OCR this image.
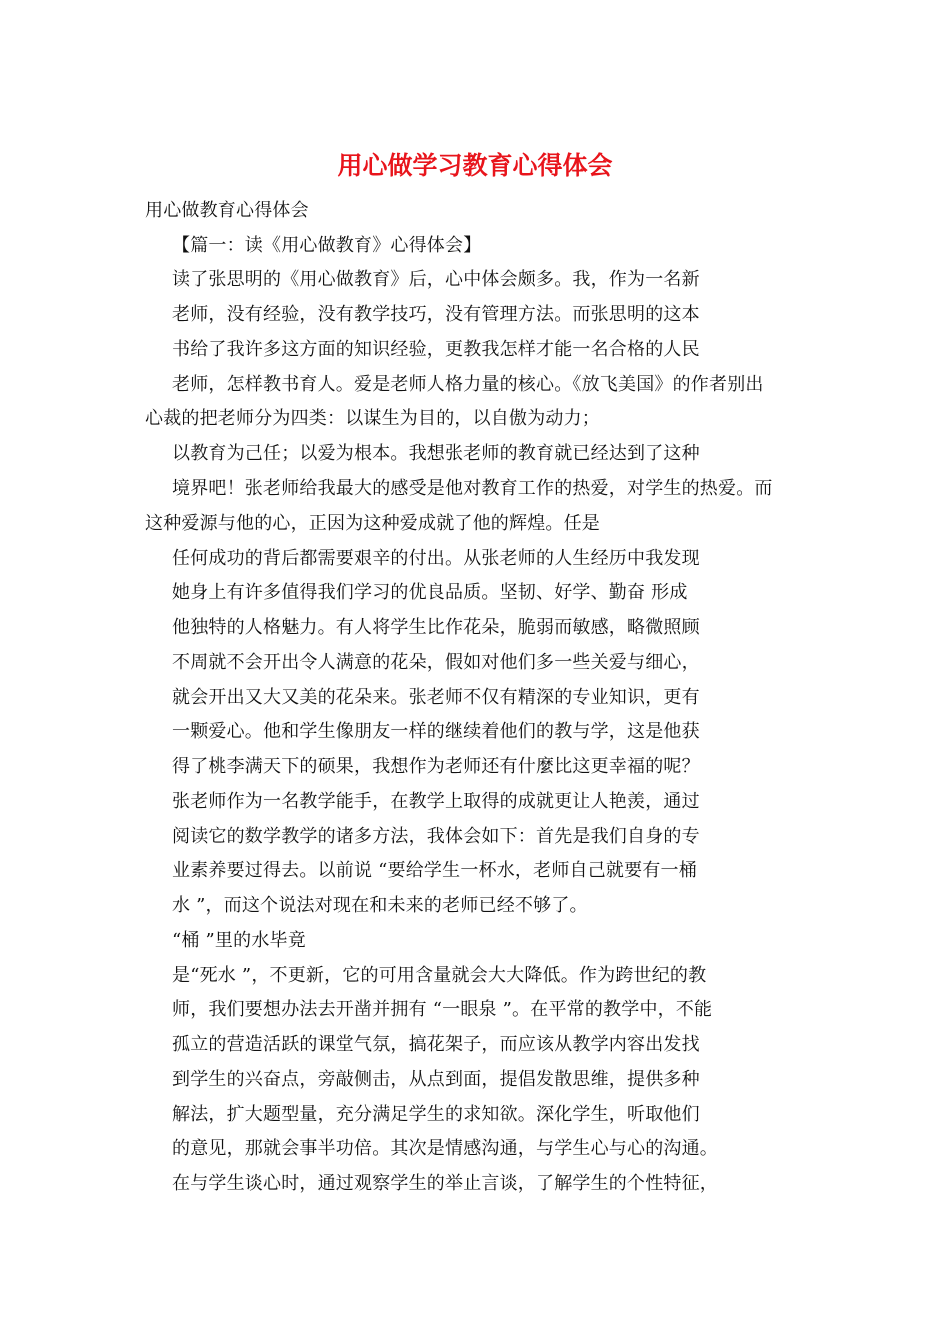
用心做学习教育心得体会
用心做教育心得体会
【篇一：读《用心做教育》心得体会】
读了张思明的《用心做教育》后，心中体会颇多。我，作为一名新
老师，没有经验，没有教学技巧，没有管理方法。而张思明的这本
书给了我许多这方面的知识经验，更教我怎样才能一名合格的人民
老师，怎样教书育人。爱是老师人格力量的核心。《放飞美国》的作者别出
心裁的把老师分为四类：以谋生为目的，以自傲为动力；
以教育为己任；以爱为根本。我想张老师的教育就已经达到了这种
境界吧！张老师给我最大的感受是他对教育工作的热爱，对学生的热爱。而
这种爱源与他的心，正因为这种爱成就了他的辉煌。任是
任何成功的背后都需要艰辛的付出。从张老师的人生经历中我发现
她身上有许多值得我们学习的优良品质。坚韧、好学、勤奋 形成
他独特的人格魅力。有人将学生比作花朵，脆弱而敏感，略微照顾
不周就不会开出令人满意的花朵，假如对他们多一些关爱与细心，
就会开出又大又美的花朵来。张老师不仅有精深的专业知识，更有
一颗爱心。他和学生像朋友一样的继续着他们的教与学，这是他获
得了桃李满天下的硕果，我想作为老师还有什麼比这更幸福的呢？
张老师作为一名教学能手，在教学上取得的成就更让人艳羡，通过
阅读它的数学教学的诸多方法，我体会如下：首先是我们自身的专
业素养要过得去。以前说 “要给学生一杯水，老师自己就要有一桶
水 ”，而这个说法对现在和未来的老师已经不够了。
“桶 ”里的水毕竟
是“死水 ”，不更新，它的可用含量就会大大降低。作为跨世纪的教
师，我们要想办法去开凿并拥有 “一眼泉 ”。在平常的教学中，不能
孤立的营造活跃的课堂气氛，搞花架子，而应该从教学内容出发找
到学生的兴奋点，旁敲侧击，从点到面，提倡发散思维，提供多种
解法，扩大题型量，充分满足学生的求知欲。深化学生，听取他们
的意见，那就会事半功倍。其次是情感沟通，与学生心与心的沟通。
在与学生谈心时，通过观察学生的举止言谈，了解学生的个性特征，
